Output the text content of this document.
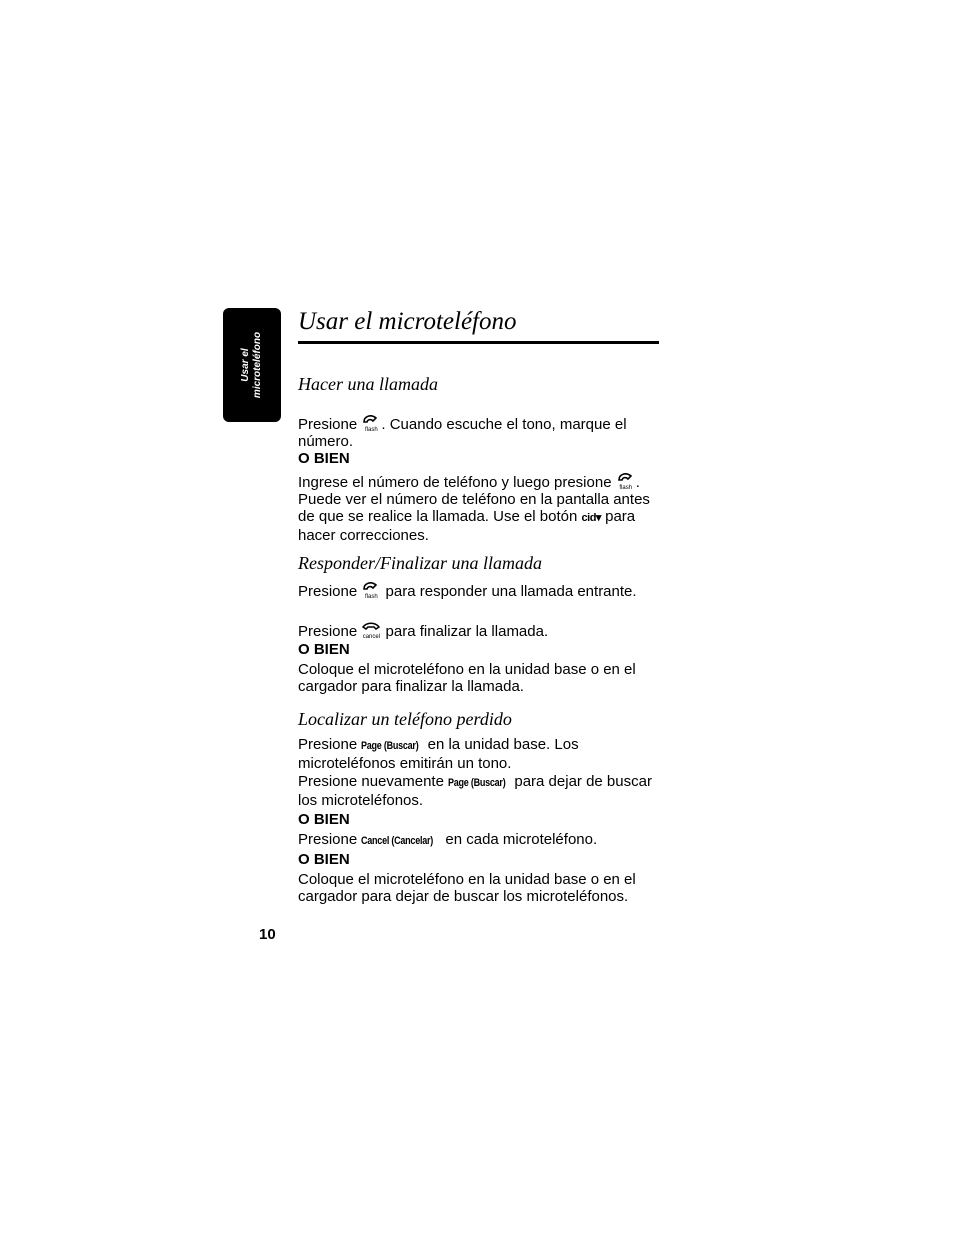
Usar el microteléfono
Usar el microteléfono
Hacer una llamada

Presione	flash . Cuando escuche el tono, marque el número.

O BIEN

Ingrese el número de teléfono y luego presione	flash . Puede ver el número de teléfono en la pantalla antes de que se realice la llamada. Use el botón cid▾ para hacer correcciones.

Responder/Finalizar una llamada

Presione	flash para responder una llamada entrante.

Presione cancel para finalizar la llamada.

O BIEN

Coloque el microteléfono en la unidad base o en el cargador para finalizar la llamada.

Localizar un teléfono perdido

Presione Page (Buscar) en la unidad base. Los microteléfonos emitirán un tono.

Presione nuevamente Page (Buscar) para dejar de buscar los microteléfonos.

O BIEN

Presione Cancel (Cancelar) en cada microteléfono.

O BIEN

Coloque el microteléfono en la unidad base o en el cargador para dejar de buscar los microteléfonos.

10
